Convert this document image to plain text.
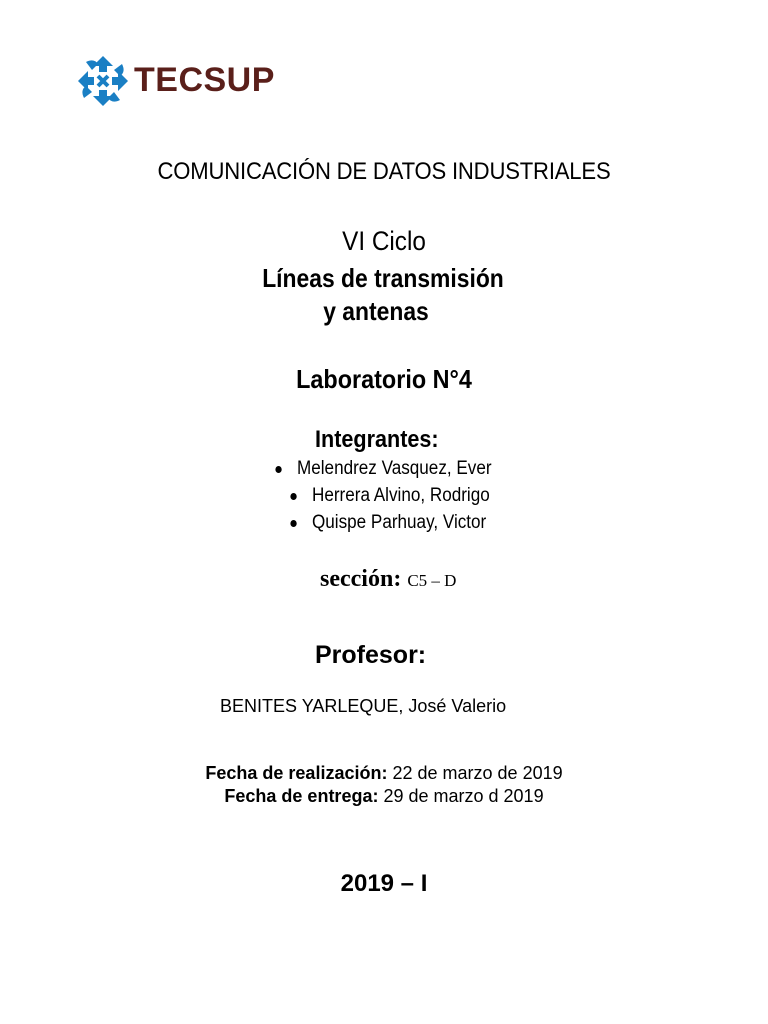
TECSUP
COMUNICACIÓN DE DATOS INDUSTRIALES
VI Ciclo
Líneas de transmisión
y antenas
Laboratorio N°4
Integrantes:
Melendrez Vasquez, Ever
Herrera Alvino, Rodrigo
Quispe Parhuay, Victor
sección: C5 – D
Profesor:
BENITES YARLEQUE, José Valerio
Fecha de realización: 22 de marzo de 2019
Fecha de entrega: 29 de marzo d 2019
2019 – I
